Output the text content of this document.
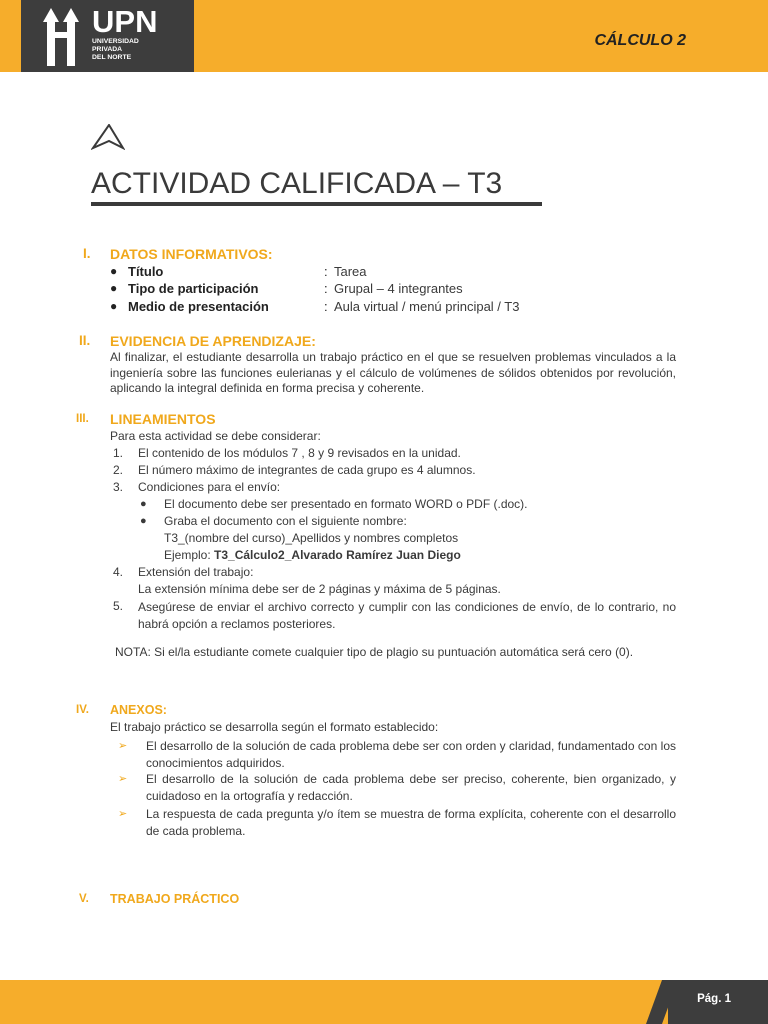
UPN
UNIVERSIDAD
PRIVADA
DEL NORTE
CÁLCULO 2
ACTIVIDAD CALIFICADA – T3
I. DATOS INFORMATIVOS:
● Título	: Tarea
● Tipo de participación	: Grupal – 4 integrantes
● Medio de presentación	: Aula virtual / menú principal / T3
II. EVIDENCIA DE APRENDIZAJE:
Al finalizar, el estudiante desarrolla un trabajo práctico en el que se resuelven problemas vinculados a la ingeniería sobre las funciones eulerianas y el cálculo de volúmenes de sólidos obtenidos por revolución, aplicando la integral definida en forma precisa y coherente.
III. LINEAMIENTOS
Para esta actividad se debe considerar:
1. El contenido de los módulos 7 , 8 y 9 revisados en la unidad.
2. El número máximo de integrantes de cada grupo es 4 alumnos.
3. Condiciones para el envío:
● El documento debe ser presentado en formato WORD o PDF (.doc).
● Graba el documento con el siguiente nombre:
T3_(nombre del curso)_Apellidos y nombres completos
Ejemplo: T3_Cálculo2_Alvarado Ramírez Juan Diego
4. Extensión del trabajo:
La extensión mínima debe ser de 2 páginas y máxima de 5 páginas.
5. Asegúrese de enviar el archivo correcto y cumplir con las condiciones de envío, de lo contrario, no habrá opción a reclamos posteriores.
NOTA: Si el/la estudiante comete cualquier tipo de plagio su puntuación automática será cero (0).
IV. ANEXOS:
El trabajo práctico se desarrolla según el formato establecido:
➢ El desarrollo de la solución de cada problema debe ser con orden y claridad, fundamentado con los conocimientos adquiridos.
➢ El desarrollo de la solución de cada problema debe ser preciso, coherente, bien organizado, y cuidadoso en la ortografía y redacción.
➢ La respuesta de cada pregunta y/o ítem se muestra de forma explícita, coherente con el desarrollo de cada problema.
V. TRABAJO PRÁCTICO
Pág. 1
